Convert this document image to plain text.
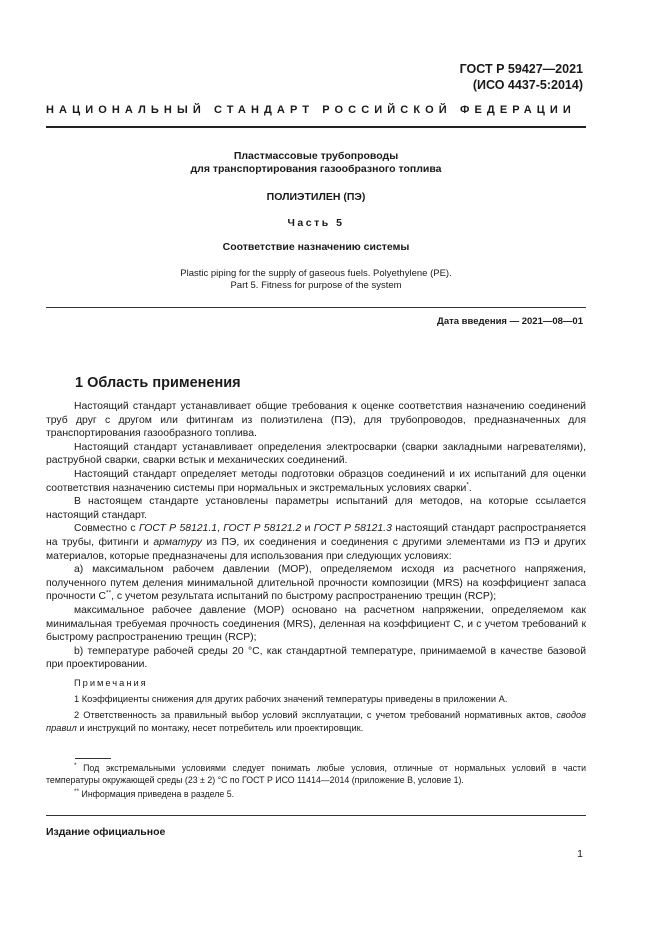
ГОСТ Р 59427—2021
(ИСО 4437-5:2014)
НАЦИОНАЛЬНЫЙ СТАНДАРТ РОССИЙСКОЙ ФЕДЕРАЦИИ
Пластмассовые трубопроводы
для транспортирования газообразного топлива
ПОЛИЭТИЛЕН (ПЭ)
Часть 5
Соответствие назначению системы
Plastic piping for the supply of gaseous fuels. Polyethylene (PE).
Part 5. Fitness for purpose of the system
Дата введения — 2021—08—01
1 Область применения

Настоящий стандарт устанавливает общие требования к оценке соответствия назначению соединений труб друг с другом или фитингам из полиэтилена (ПЭ), для трубопроводов, предназначенных для транспортирования газообразного топлива.

Настоящий стандарт устанавливает определения электросварки (сварки закладными нагревателями), раструбной сварки, сварки встык и механических соединений.

Настоящий стандарт определяет методы подготовки образцов соединений и их испытаний для оценки соответствия назначению системы при нормальных и экстремальных условиях сварки*.

В настоящем стандарте установлены параметры испытаний для методов, на которые ссылается настоящий стандарт.

Совместно с ГОСТ Р 58121.1, ГОСТ Р 58121.2 и ГОСТ Р 58121.3 настоящий стандарт распространяется на трубы, фитинги и арматуру из ПЭ, их соединения и соединения с другими элементами из ПЭ и других материалов, которые предназначены для использования при следующих условиях:

а) максимальном рабочем давлении (МОР), определяемом исходя из расчетного напряжения, полученного путем деления минимальной длительной прочности композиции (MRS) на коэффициент запаса прочности C**, с учетом результата испытаний по быстрому распространению трещин (RCP);

максимальное рабочее давление (МОР) основано на расчетном напряжении, определяемом как минимальная требуемая прочность соединения (MRS), деленная на коэффициент C, и с учетом требований к быстрому распространению трещин (RCP);

b) температуре рабочей среды 20 °C, как стандартной температуре, принимаемой в качестве базовой при проектировании.

Примечания

1 Коэффициенты снижения для других рабочих значений температуры приведены в приложении А.

2 Ответственность за правильный выбор условий эксплуатации, с учетом требований нормативных актов, сводов правил и инструкций по монтажу, несет потребитель или проектировщик.

* Под экстремальными условиями следует понимать любые условия, отличные от нормальных условий в части температуры окружающей среды (23 ± 2) °C по ГОСТ Р ИСО 11414—2014 (приложение В, условие 1).

** Информация приведена в разделе 5.

Издание официальное
1
